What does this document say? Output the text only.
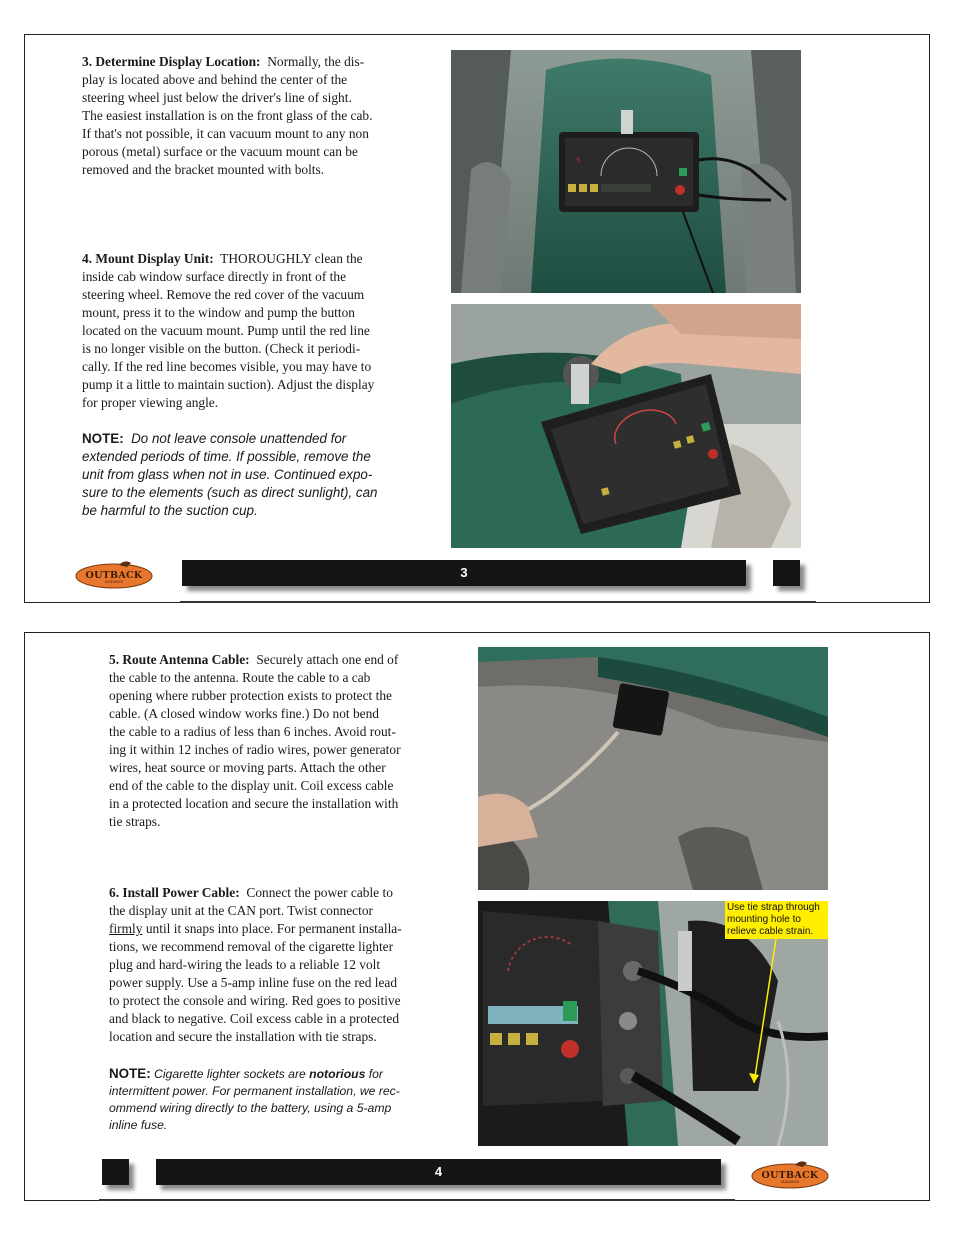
3. Determine Display Location: Normally, the dis-
play is located above and behind the center of the
steering wheel just below the driver's line of sight.
The easiest installation is on the front glass of the cab.
If that's not possible, it can vacuum mount to any non
porous (metal) surface or the vacuum mount can be
removed and the bracket mounted with bolts.

4. Mount Display Unit: THOROUGHLY clean the
inside cab window surface directly in front of the
steering wheel. Remove the red cover of the vacuum
mount, press it to the window and pump the button
located on the vacuum mount. Pump until the red line
is no longer visible on the button. (Check it periodi-
cally. If the red line becomes visible, you may have to
pump it a little to maintain suction). Adjust the display
for proper viewing angle.

NOTE: Do not leave console unattended for
extended periods of time. If possible, remove the
unit from glass when not in use. Continued expo-
sure to the elements (such as direct sunlight), can
be harmful to the suction cup.

S
OUTBACK
GUIDANCE
3

5. Route Antenna Cable: Securely attach one end of
the cable to the antenna. Route the cable to a cab
opening where rubber protection exists to protect the
cable. (A closed window works fine.) Do not bend
the cable to a radius of less than 6 inches. Avoid rout-
ing it within 12 inches of radio wires, power generator
wires, heat source or moving parts. Attach the other
end of the cable to the display unit. Coil excess cable
in a protected location and secure the installation with
tie straps.

6. Install Power Cable: Connect the power cable to
the display unit at the CAN port. Twist connector
firmly until it snaps into place. For permanent installa-
tions, we recommend removal of the cigarette lighter
plug and hard-wiring the leads to a reliable 12 volt
power supply. Use a 5-amp inline fuse on the red lead
to protect the console and wiring. Red goes to positive
and black to negative. Coil excess cable in a protected
location and secure the installation with tie straps.

NOTE: Cigarette lighter sockets are notorious for
intermittent power. For permanent installation, we rec-
ommend wiring directly to the battery, using a 5-amp
inline fuse.

Use tie strap through mounting hole to relieve cable strain.
4	OUTBACK
GUIDANCE
